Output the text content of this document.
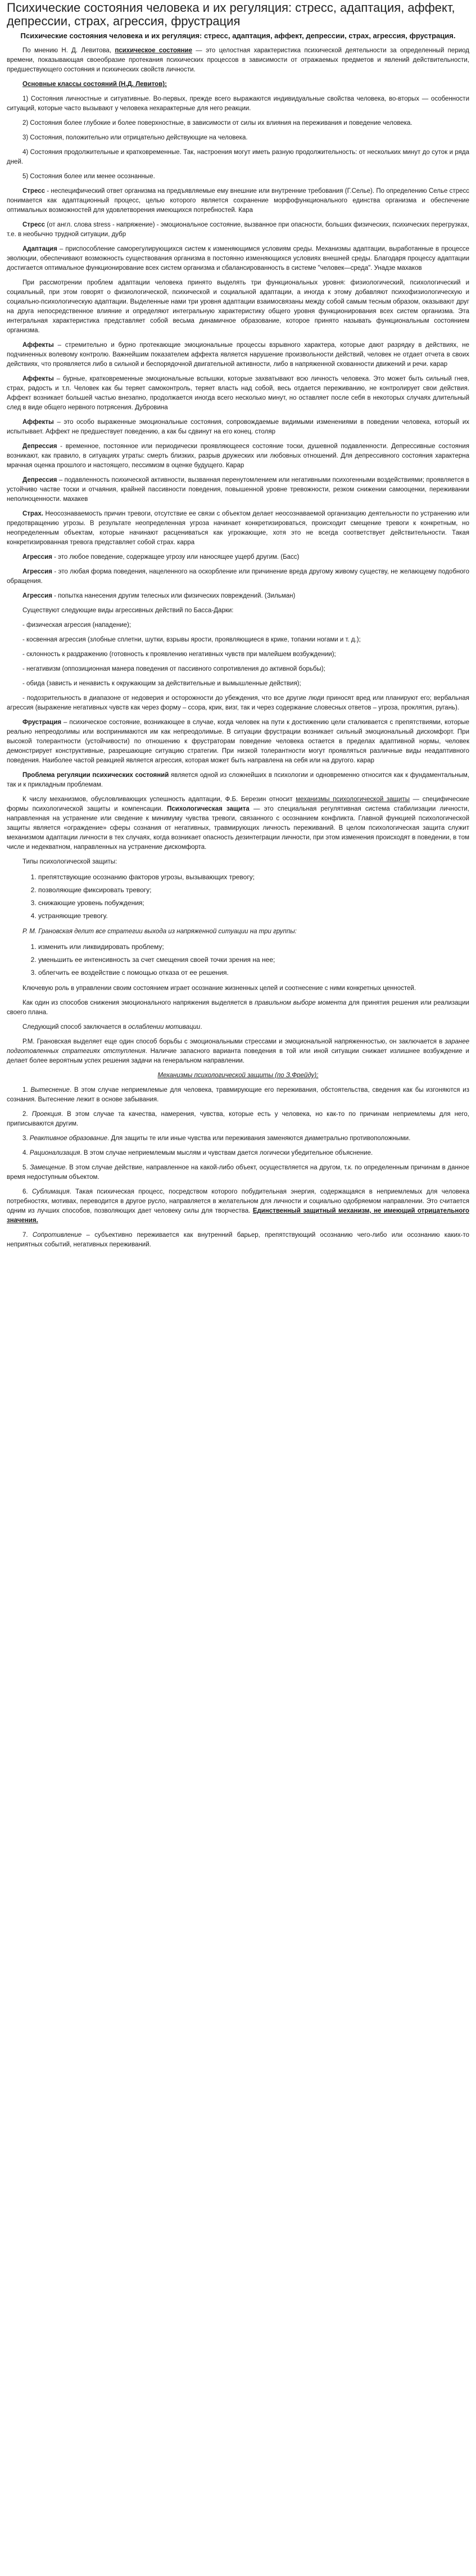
Психические состояния человека и их регуляция: стресс, адаптация, аффект, депрессии, страх, агрессия, фрустрация
Психические состояния человека и их регуляция: стресс, адаптация, аффект, депрессии, страх, агрессия, фрустрация.

По мнению Н. Д. Левитова, психическое состояние — это целостная характеристика психической деятельности за определенный период времени, показывающая своеобразие протекания психических процессов в зависимости от отражаемых предметов и явлений действительности, предшествующего состояния и психических свойств личности.

Основные классы состояний (Н.Д. Левитов):

1) Состояния личностные и ситуативные. Во-первых, прежде всего выражаются индивидуальные свойства человека, во-вторых — особенности ситуаций, которые часто вызывают у человека нехарактерные для него реакции.

2) Состояния более глубокие и более поверхностные, в зависимости от силы их влияния на переживания и поведение человека.

3) Состояния, положительно или отрицательно действующие на человека.

4) Состояния продолжительные и кратковременные. Так, настроения могут иметь разную продолжительность: от нескольких минут до суток и ряда дней.

5) Состояния более или менее осознанные.

Стресс - неспецифический ответ организма на предъявляемые ему внешние или внутренние требования (Г.Селье). По определению Селье стресс понимается как адаптационный процесс, целью которого является сохранение морфофункционального единства организма и обеспечение оптимальных возможностей для удовлетворения имеющихся потребностей. Кара

Стресс (от англ. слова stress - напряжение) - эмоциональное состояние, вызванное при опасности, больших физических, психических перегрузках, т.е. в необычно трудной ситуации, дубр

Адаптация – приспособление саморегулирующихся систем к изменяющимся условиям среды. Механизмы адаптации, выработанные в процессе эволюции, обеспечивают возможность существования организма в постоянно изменяющихся условиях внешней среды. Благодаря процессу адаптации достигается оптимальное функционирование всех систем организма и сбалансированность в системе "человек—среда". Унадзе махаков

При рассмотрении проблем адаптации человека принято выделять три функциональных уровня: физиологический, психологический и социальный, при этом говорят о физиологической, психической и социальной адаптации, а иногда к этому добавляют психофизиологическую и социально-психологическую адаптации. Выделенные нами три уровня адаптации взаимосвязаны между собой самым тесным образом, оказывают друг на друга непосредственное влияние и определяют интегральную характеристику общего уровня функционирования всех систем организма. Эта интегральная характеристика представляет собой весьма динамичное образование, которое принято называть функциональным состоянием организма.

Аффекты – стремительно и бурно протекающие эмоциональные процессы взрывного характера, которые дают разрядку в действиях, не подчиненных волевому контролю. Важнейшим показателем аффекта является нарушение произвольности действий, человек не отдает отчета в своих действиях, что проявляется либо в сильной и беспорядочной двигательной активности, либо в напряженной скованности движений и речи. карар

Аффекты – бурные, кратковременные эмоциональные вспышки, которые захватывают всю личность человека. Это может быть сильный гнев, страх, радость и т.п. Человек как бы теряет самоконтроль, теряет власть над собой, весь отдается переживанию, не контролирует свои действия. Аффект возникает большей частью внезапно, продолжается иногда всего несколько минут, но оставляет после себя в некоторых случаях длительный след в виде общего нервного потрясения. Дубровина

Аффекты – это особо выраженные эмоциональные состояния, сопровождаемые видимыми изменениями в поведении человека, который их испытывает. Аффект не предшествует поведению, а как бы сдвинут на его конец. столяр

Депрессия - временное, постоянное или периодически проявляющееся состояние тоски, душевной подавленности. Депрессивные состояния возникают, как правило, в ситуациях утраты: смерть близких, разрыв дружеских или любовных отношений. Для депрессивного состояния характерна мрачная оценка прошлого и настоящего, пессимизм в оценке будущего. Карар

Депрессия – подавленность психической активности, вызванная перенутомлением или негативными психогенными воздействиями; проявляется в устойчиво частве тоски и отчаяния, крайней пассивности поведения, повышенной уровне тревожности, резком снижении самооценки, переживании неполноценности. махакев

Страх. Неосознаваемость причин тревоги, отсутствие ее связи с объектом делает неосознаваемой организацию деятельности по устранению или предотвращению угрозы. В результате неопределенная угроза начинает конкретизироваться, происходит смещение тревоги к конкретным, но неопределенным объектам, которые начинают расцениваться как угрожающие, хотя это не всегда соответствует действительности. Такая конкретизированная тревога представляет собой страх. карра

Агрессия - это любое поведение, содержащее угрозу или наносящее ущерб другим. (Басс)

Агрессия - это любая форма поведения, нацеленного на оскорбление или причинение вреда другому живому существу, не желающему подобного обращения.

Агрессия - попытка нанесения другим телесных или физических повреждений. (Зильман)

Существуют следующие виды агрессивных действий по Басса-Дарки:

- физическая агрессия (нападение);

- косвенная агрессия (злобные сплетни, шутки, взрывы ярости, проявляющиеся в крике, топании ногами и т. д.);

- склонность к раздражению (готовность к проявлению негативных чувств при малейшем возбуждении);

- негативизм (оппозиционная манера поведения от пассивного сопротивления до активной борьбы);

- обида (зависть и ненависть к окружающим за действительные и вымышленные действия);

- подозрительность в диапазоне от недоверия и осторожности до убеждения, что все другие люди приносят вред или планируют его; вербальная агрессия (выражение негативных чувств как через форму – ссора, крик, визг, так и через содержание словесных ответов – угроза, проклятия, ругань).

Фрустрация – психическое состояние, возникающее в случае, когда человек на пути к достижению цели сталкивается с препятствиями, которые реально непреодолимы или воспринимаются им как непреодолимые. В ситуации фрустрации возникает сильный эмоциональный дискомфорт. При высокой толерантности (устойчивости) по отношению к фрустраторам поведение человека остается в пределах адаптивной нормы, человек демонстрирует конструктивные, разрешающие ситуацию стратегии. При низкой толерантности могут проявляться различные виды неадаптивного поведения. Наиболее частой реакцией является агрессия, которая может быть направлена на себя или на другого. карар

Проблема регуляции психических состояний является одной из сложнейших в психологии и одновременно относится как к фундаментальным, так и к прикладным проблемам.

К числу механизмов, обусловливающих успешность адаптации, Ф.Б. Березин относит механизмы психологической защиты — специфические формы психологической защиты и компенсации. Психологическая защита — это специальная регулятивная система стабилизации личности, направленная на устранение или сведение к минимуму чувства тревоги, связанного с осознанием конфликта. Главной функцией психологической защиты является «ограждение» сферы сознания от негативных, травмирующих личность переживаний. В целом психологическая защита служит механизмом адаптации личности в тех случаях, когда возникает опасность дезинтеграции личности, при этом изменения происходят в поведении, в том числе и недекватном, направленных на устранение дискомфорта.

Типы психологической защиты:

1. препятствующие осознанию факторов угрозы, вызывающих тревогу;
2. позволяющие фиксировать тревогу;
3. снижающие уровень побуждения;
4. устраняющие тревогу.

Р. М. Грановская делит все стратегии выхода из напряженной ситуации на три группы:

1. изменить или ликвидировать проблему;
2. уменьшить ее интенсивность за счет смещения своей точки зрения на нее;
3. облегчить ее воздействие с помощью отказа от ее решения.

Ключевую роль в управлении своим состоянием играет осознание жизненных целей и соотнесение с ними конкретных ценностей.

Как один из способов снижения эмоционального напряжения выделяется в правильном выборе момента для принятия решения или реализации своего плана.

Следующий способ заключается в ослаблении мотивации.

Р.М. Грановская выделяет еще один способ борьбы с эмоциональными стрессами и эмоциональной напряженностью, он заключается в заранее подготовленных стратегиях отступления. Наличие запасного варианта поведения в той или иной ситуации снижает излишнее возбуждение и делает более вероятным успех решения задачи на генеральном направлении.

Механизмы психологической защиты (по З.Фрейду):

1. Вытеснение. В этом случае неприемлемые для человека, травмирующие его переживания, обстоятельства, сведения как бы изгоняются из сознания. Вытеснение лежит в основе забывания.

2. Проекция. В этом случае та качества, намерения, чувства, которые есть у человека, но как-то по причинам неприемлемы для него, приписываются другим.

3. Реактивное образование. Для защиты те или иные чувства или переживания заменяются диаметрально противоположными.

4. Рационализация. В этом случае неприемлемым мыслям и чувствам дается логически убедительное объяснение.

5. Замещение. В этом случае действие, направленное на какой-либо объект, осуществляется на другом, т.к. по определенным причинам в данное время недоступным объектом.

6. Сублимация. Такая психическая процесс, посредством которого побудительная энергия, содержащаяся в неприемлемых для человека потребностях, мотивах, переводится в другое русло, направляется в желательном для личности и социально одобряемом направлении. Это считается одним из лучших способов, позволяющих дает человеку силы для творчества. Единственный защитный механизм, не имеющий отрицательного значения.

7. Сопротивление – субъективно переживается как внутренний барьер, препятствующий осознанию чего-либо или осознанию каких-то неприятных событий, негативных переживаний.
